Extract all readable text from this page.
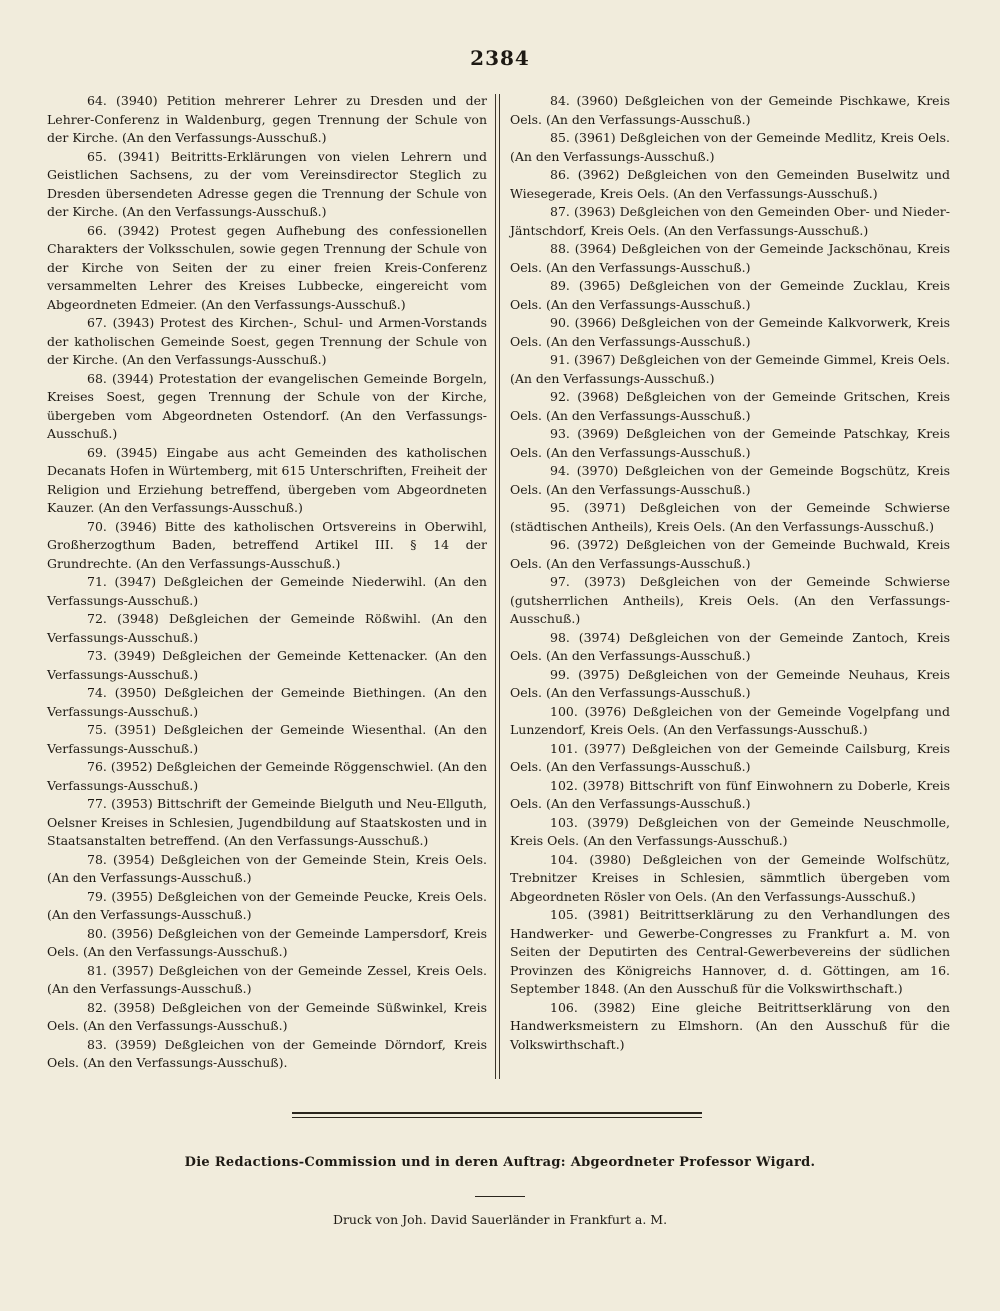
2384

64. (3940) Petition mehrerer Lehrer zu Dresden und der Lehrer-Conferenz in Waldenburg, gegen Trennung der Schule von der Kirche. (An den Verfassungs-Ausschuß.)

65. (3941) Beitritts-Erklärungen von vielen Lehrern und Geistlichen Sachsens, zu der vom Vereinsdirector Steglich zu Dresden übersendeten Adresse gegen die Trennung der Schule von der Kirche. (An den Verfassungs-Ausschuß.)

66. (3942) Protest gegen Aufhebung des confessionellen Charakters der Volksschulen, sowie gegen Trennung der Schule von der Kirche von Seiten der zu einer freien Kreis-Conferenz versammelten Lehrer des Kreises Lubbecke, eingereicht vom Abgeordneten Edmeier. (An den Verfassungs-Ausschuß.)

67. (3943) Protest des Kirchen-, Schul- und Armen-Vorstands der katholischen Gemeinde Soest, gegen Trennung der Schule von der Kirche. (An den Verfassungs-Ausschuß.)

68. (3944) Protestation der evangelischen Gemeinde Borgeln, Kreises Soest, gegen Trennung der Schule von der Kirche, übergeben vom Abgeordneten Ostendorf. (An den Verfassungs-Ausschuß.)

69. (3945) Eingabe aus acht Gemeinden des katholischen Decanats Hofen in Würtemberg, mit 615 Unterschriften, Freiheit der Religion und Erziehung betreffend, übergeben vom Abgeordneten Kauzer. (An den Verfassungs-Ausschuß.)

70. (3946) Bitte des katholischen Ortsvereins in Oberwihl, Großherzogthum Baden, betreffend Artikel III. § 14 der Grundrechte. (An den Verfassungs-Ausschuß.)

71. (3947) Deßgleichen der Gemeinde Niederwihl. (An den Verfassungs-Ausschuß.)

72. (3948) Deßgleichen der Gemeinde Rößwihl. (An den Verfassungs-Ausschuß.)

73. (3949) Deßgleichen der Gemeinde Kettenacker. (An den Verfassungs-Ausschuß.)

74. (3950) Deßgleichen der Gemeinde Biethingen. (An den Verfassungs-Ausschuß.)

75. (3951) Deßgleichen der Gemeinde Wiesenthal. (An den Verfassungs-Ausschuß.)

76. (3952) Deßgleichen der Gemeinde Röggenschwiel. (An den Verfassungs-Ausschuß.)

77. (3953) Bittschrift der Gemeinde Bielguth und Neu-Ellguth, Oelsner Kreises in Schlesien, Jugendbildung auf Staatskosten und in Staatsanstalten betreffend. (An den Verfassungs-Ausschuß.)

78. (3954) Deßgleichen von der Gemeinde Stein, Kreis Oels. (An den Verfassungs-Ausschuß.)

79. (3955) Deßgleichen von der Gemeinde Peucke, Kreis Oels. (An den Verfassungs-Ausschuß.)

80. (3956) Deßgleichen von der Gemeinde Lampersdorf, Kreis Oels. (An den Verfassungs-Ausschuß.)

81. (3957) Deßgleichen von der Gemeinde Zessel, Kreis Oels. (An den Verfassungs-Ausschuß.)

82. (3958) Deßgleichen von der Gemeinde Süßwinkel, Kreis Oels. (An den Verfassungs-Ausschuß.)

83. (3959) Deßgleichen von der Gemeinde Dörndorf, Kreis Oels. (An den Verfassungs-Ausschuß).

84. (3960) Deßgleichen von der Gemeinde Pischkawe, Kreis Oels. (An den Verfassungs-Ausschuß.)

85. (3961) Deßgleichen von der Gemeinde Medlitz, Kreis Oels. (An den Verfassungs-Ausschuß.)

86. (3962) Deßgleichen von den Gemeinden Buselwitz und Wiesegerade, Kreis Oels. (An den Verfassungs-Ausschuß.)

87. (3963) Deßgleichen von den Gemeinden Ober- und Nieder-Jäntschdorf, Kreis Oels. (An den Verfassungs-Ausschuß.)

88. (3964) Deßgleichen von der Gemeinde Jackschönau, Kreis Oels. (An den Verfassungs-Ausschuß.)

89. (3965) Deßgleichen von der Gemeinde Zucklau, Kreis Oels. (An den Verfassungs-Ausschuß.)

90. (3966) Deßgleichen von der Gemeinde Kalkvorwerk, Kreis Oels. (An den Verfassungs-Ausschuß.)

91. (3967) Deßgleichen von der Gemeinde Gimmel, Kreis Oels. (An den Verfassungs-Ausschuß.)

92. (3968) Deßgleichen von der Gemeinde Gritschen, Kreis Oels. (An den Verfassungs-Ausschuß.)

93. (3969) Deßgleichen von der Gemeinde Patschkay, Kreis Oels. (An den Verfassungs-Ausschuß.)

94. (3970) Deßgleichen von der Gemeinde Bogschütz, Kreis Oels. (An den Verfassungs-Ausschuß.)

95. (3971) Deßgleichen von der Gemeinde Schwierse (städtischen Antheils), Kreis Oels. (An den Verfassungs-Ausschuß.)

96. (3972) Deßgleichen von der Gemeinde Buchwald, Kreis Oels. (An den Verfassungs-Ausschuß.)

97. (3973) Deßgleichen von der Gemeinde Schwierse (gutsherrlichen Antheils), Kreis Oels. (An den Verfassungs-Ausschuß.)

98. (3974) Deßgleichen von der Gemeinde Zantoch, Kreis Oels. (An den Verfassungs-Ausschuß.)

99. (3975) Deßgleichen von der Gemeinde Neuhaus, Kreis Oels. (An den Verfassungs-Ausschuß.)

100. (3976) Deßgleichen von der Gemeinde Vogelpfang und Lunzendorf, Kreis Oels. (An den Verfassungs-Ausschuß.)

101. (3977) Deßgleichen von der Gemeinde Cailsburg, Kreis Oels. (An den Verfassungs-Ausschuß.)

102. (3978) Bittschrift von fünf Einwohnern zu Doberle, Kreis Oels. (An den Verfassungs-Ausschuß.)

103. (3979) Deßgleichen von der Gemeinde Neuschmolle, Kreis Oels. (An den Verfassungs-Ausschuß.)

104. (3980) Deßgleichen von der Gemeinde Wolfschütz, Trebnitzer Kreises in Schlesien, sämmtlich übergeben vom Abgeordneten Rösler von Oels. (An den Verfassungs-Ausschuß.)

105. (3981) Beitrittserklärung zu den Verhandlungen des Handwerker- und Gewerbe-Congresses zu Frankfurt a. M. von Seiten der Deputirten des Central-Gewerbevereins der südlichen Provinzen des Königreichs Hannover, d. d. Göttingen, am 16. September 1848. (An den Ausschuß für die Volkswirthschaft.)

106. (3982) Eine gleiche Beitrittserklärung von den Handwerksmeistern zu Elmshorn. (An den Ausschuß für die Volkswirthschaft.)

Die Redactions-Commission und in deren Auftrag: Abgeordneter Professor Wigard.
Druck von Joh. David Sauerländer in Frankfurt a. M.
